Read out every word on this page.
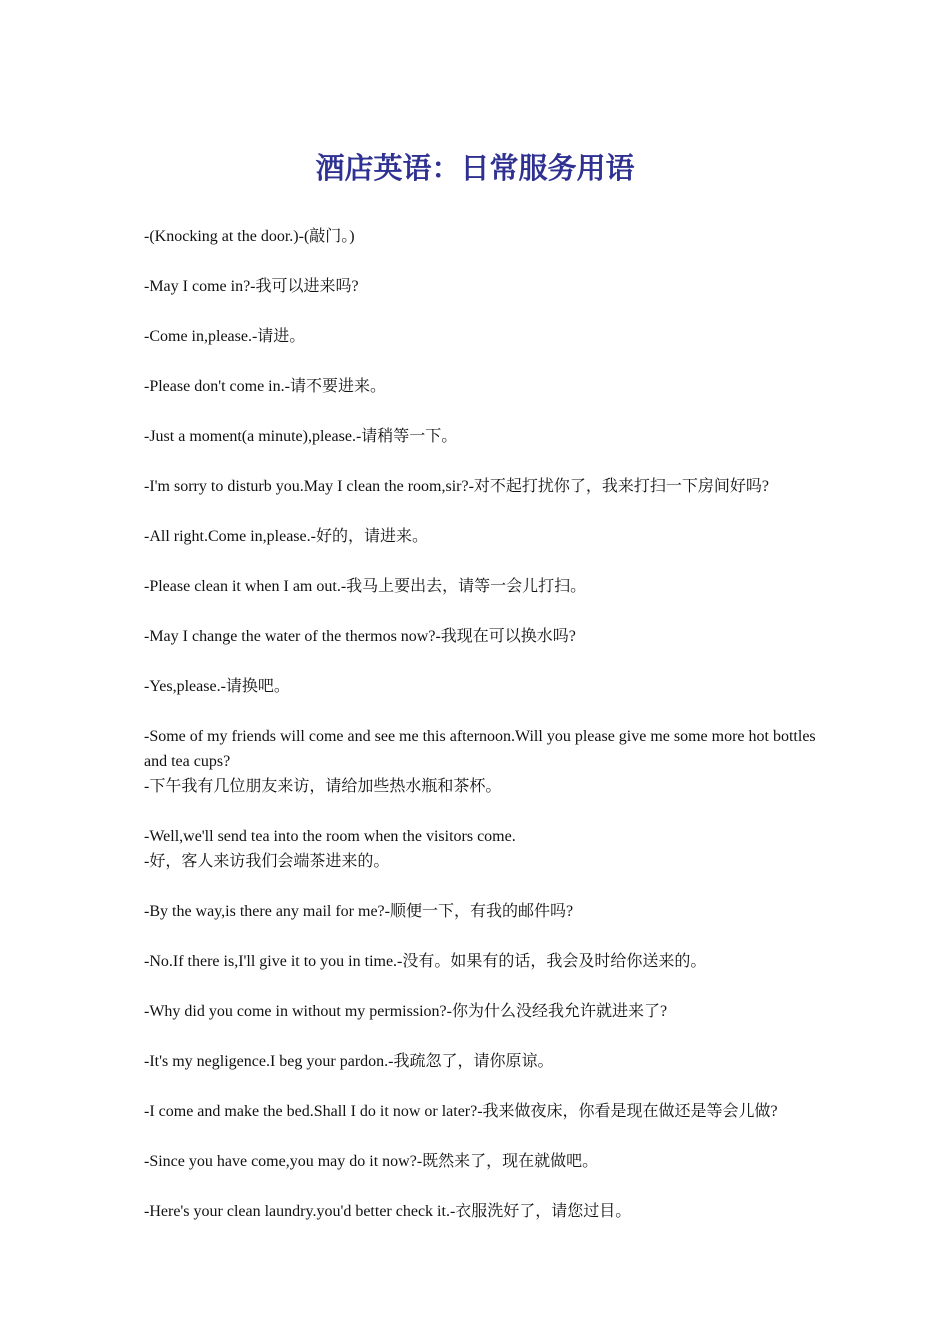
酒店英语：日常服务用语

-(Knocking at the door.)-(敲门。)

-May I come in?-我可以进来吗?

-Come in,please.-请进。

-Please don't come in.-请不要进来。

-Just a moment(a minute),please.-请稍等一下。

-I'm sorry to disturb you.May I clean the room,sir?-对不起打扰你了，我来打扫一下房间好吗?

-All right.Come in,please.-好的，请进来。

-Please clean it when I am out.-我马上要出去，请等一会儿打扫。

-May I change the water of the thermos now?-我现在可以换水吗?

-Yes,please.-请换吧。

-Some of my friends will come and see me this afternoon.Will you please give me some more hot bottles and tea cups?
-下午我有几位朋友来访，请给加些热水瓶和茶杯。

-Well,we'll send tea into the room when the visitors come.
-好，客人来访我们会端茶进来的。

-By the way,is there any mail for me?-顺便一下，有我的邮件吗?

-No.If there is,I'll give it to you in time.-没有。如果有的话，我会及时给你送来的。

-Why did you come in without my permission?-你为什么没经我允许就进来了?

-It's my negligence.I beg your pardon.-我疏忽了，请你原谅。

-I come and make the bed.Shall I do it now or later?-我来做夜床，你看是现在做还是等会儿做?

-Since you have come,you may do it now?-既然来了，现在就做吧。

-Here's your clean laundry.you'd better check it.-衣服洗好了，请您过目。
